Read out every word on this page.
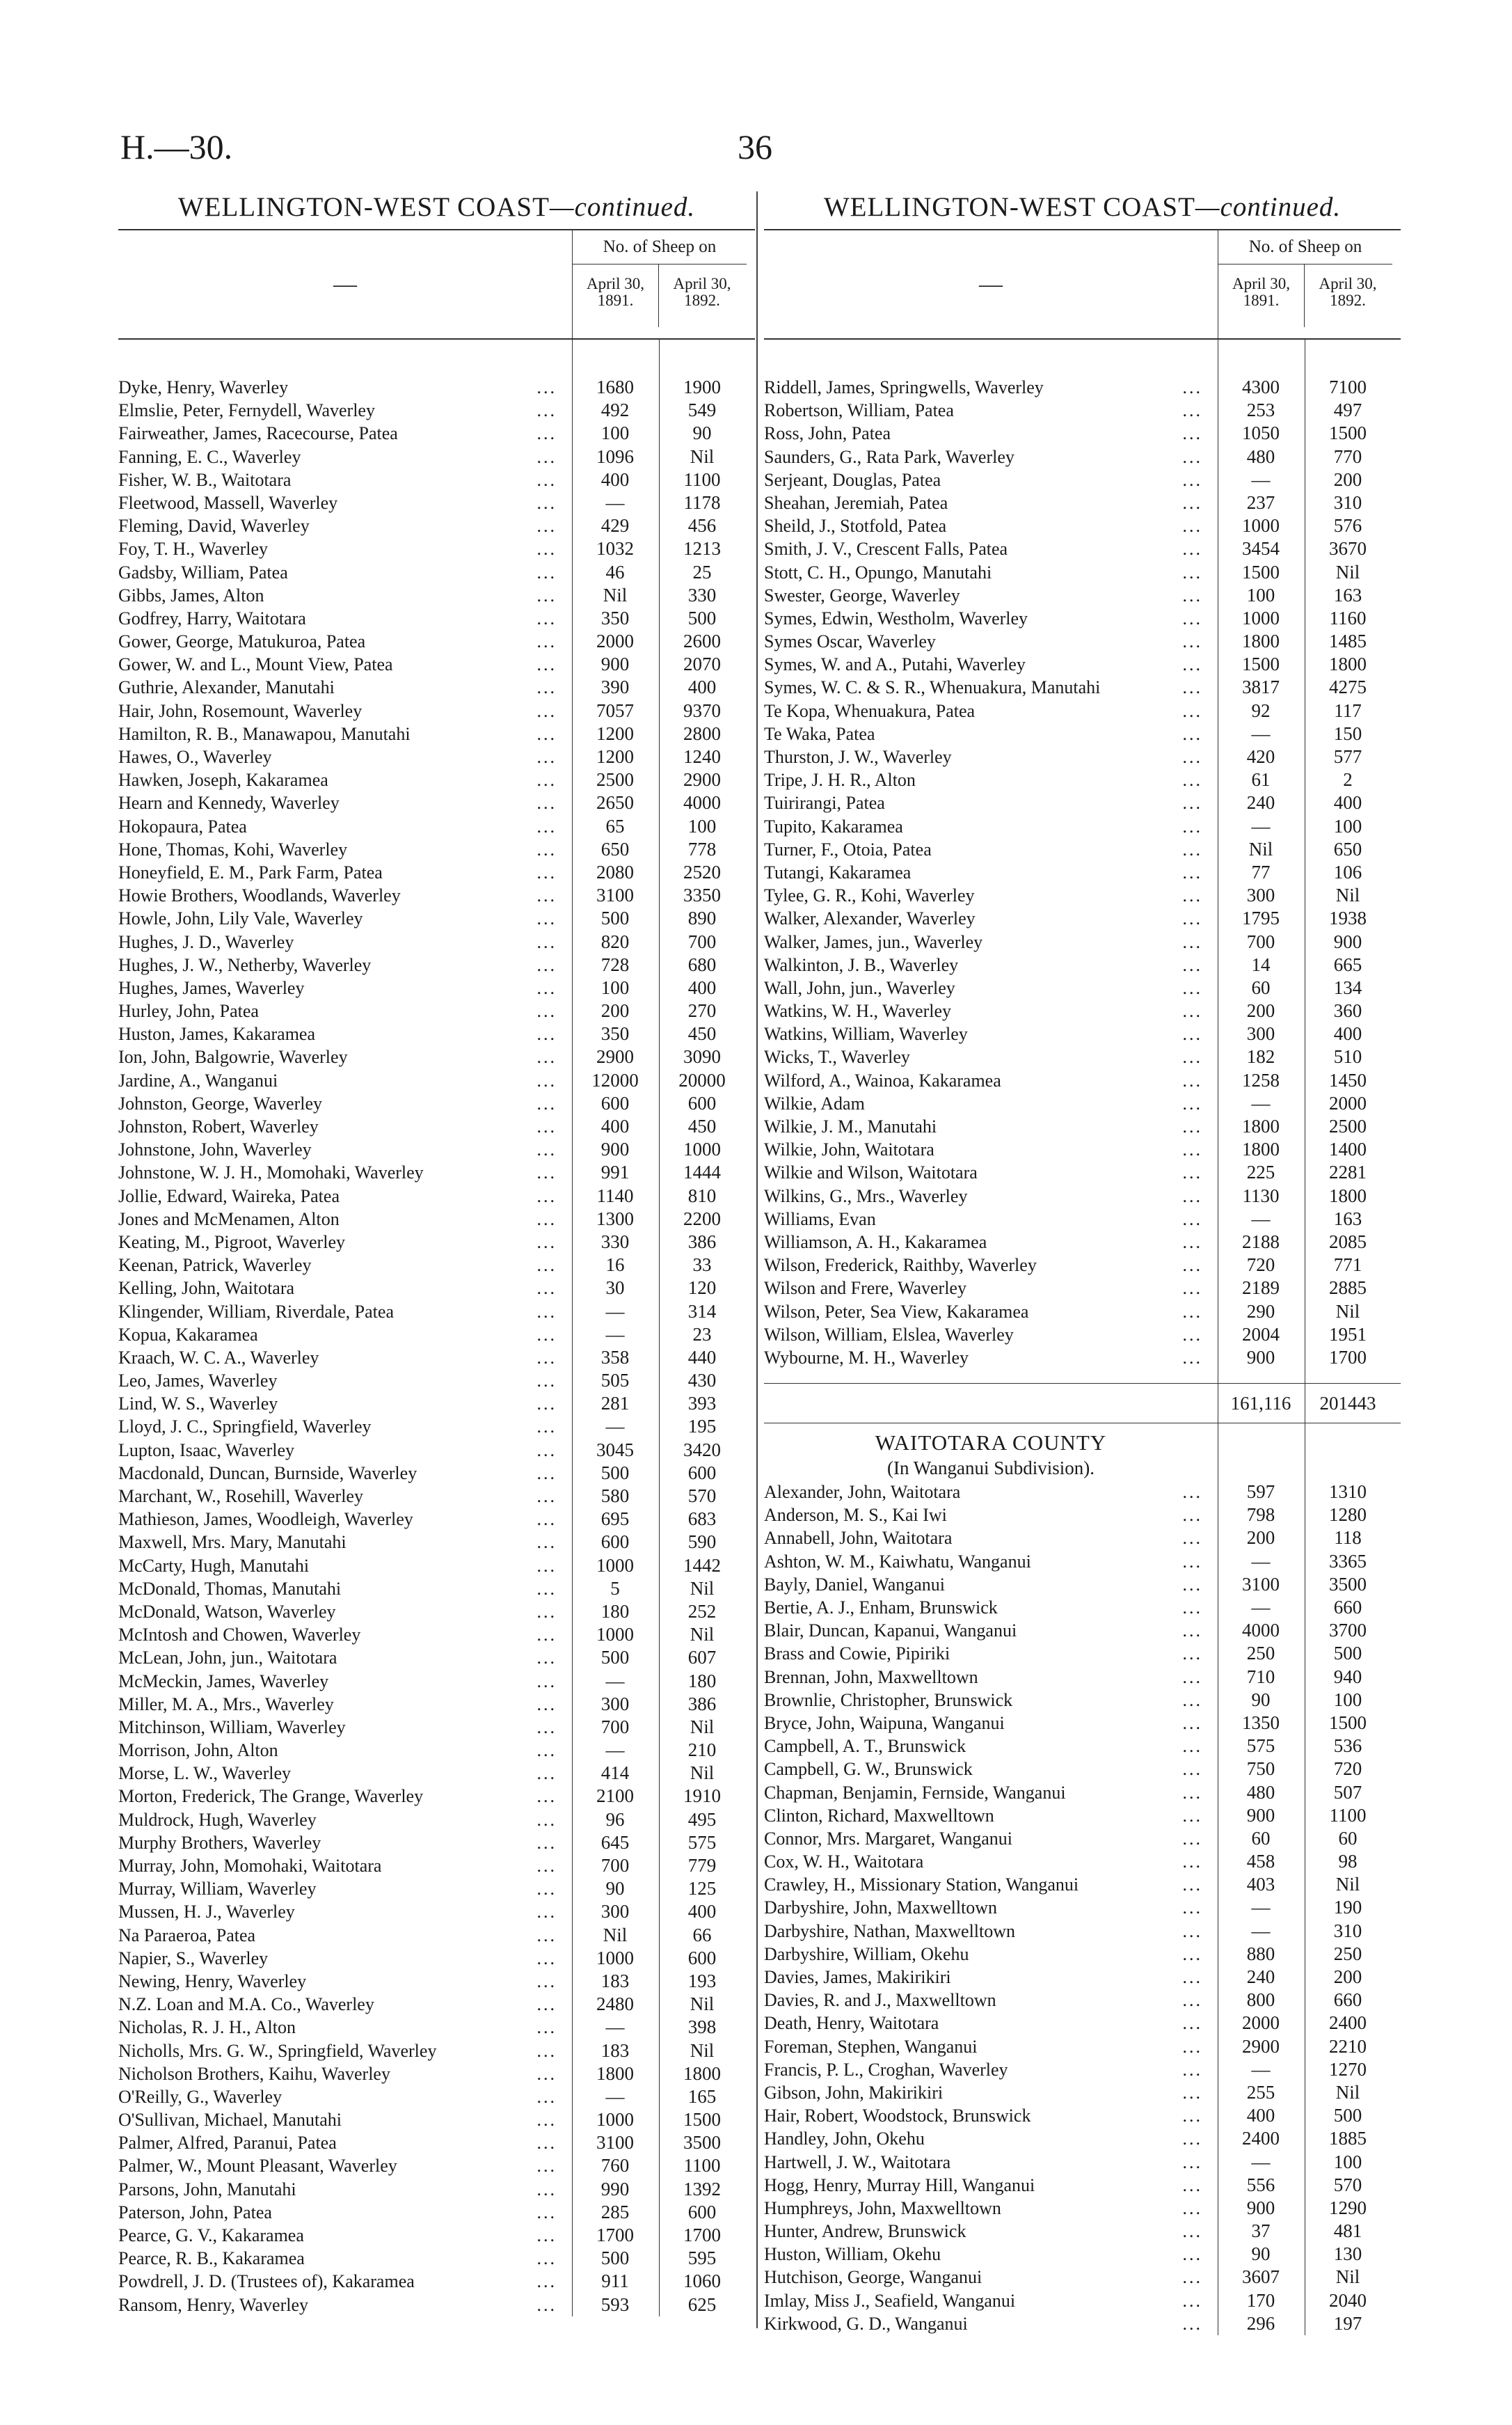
H.—30.	36
WELLINGTON-WEST COAST—continued.
—
No. of Sheep on
April 30,
1891.
April 30,
1892.
Dyke, Henry, Waverley	...	1680	1900
Elmslie, Peter, Fernydell, Waverley	...	492	549
Fairweather, James, Racecourse, Patea	...	100	90
Fanning, E. C., Waverley	...	1096	Nil
Fisher, W. B., Waitotara	...	400	1100
Fleetwood, Massell, Waverley	...	—	1178
Fleming, David, Waverley	...	429	456
Foy, T. H., Waverley	...	1032	1213
Gadsby, William, Patea	...	46	25
Gibbs, James, Alton	...	Nil	330
Godfrey, Harry, Waitotara	...	350	500
Gower, George, Matukuroa, Patea	...	2000	2600
Gower, W. and L., Mount View, Patea	...	900	2070
Guthrie, Alexander, Manutahi	...	390	400
Hair, John, Rosemount, Waverley	...	7057	9370
Hamilton, R. B., Manawapou, Manutahi	...	1200	2800
Hawes, O., Waverley	...	1200	1240
Hawken, Joseph, Kakaramea	...	2500	2900
Hearn and Kennedy, Waverley	...	2650	4000
Hokopaura, Patea	...	65	100
Hone, Thomas, Kohi, Waverley	...	650	778
Honeyfield, E. M., Park Farm, Patea	...	2080	2520
Howie Brothers, Woodlands, Waverley	...	3100	3350
Howle, John, Lily Vale, Waverley	...	500	890
Hughes, J. D., Waverley	...	820	700
Hughes, J. W., Netherby, Waverley	...	728	680
Hughes, James, Waverley	...	100	400
Hurley, John, Patea	...	200	270
Huston, James, Kakaramea	...	350	450
Ion, John, Balgowrie, Waverley	...	2900	3090
Jardine, A., Wanganui	...	12000	20000
Johnston, George, Waverley	...	600	600
Johnston, Robert, Waverley	...	400	450
Johnstone, John, Waverley	...	900	1000
Johnstone, W. J. H., Momohaki, Waverley	...	991	1444
Jollie, Edward, Waireka, Patea	...	1140	810
Jones and McMenamen, Alton	...	1300	2200
Keating, M., Pigroot, Waverley	...	330	386
Keenan, Patrick, Waverley	...	16	33
Kelling, John, Waitotara	...	30	120
Klingender, William, Riverdale, Patea	...	—	314
Kopua, Kakaramea	...	—	23
Kraach, W. C. A., Waverley	...	358	440
Leo, James, Waverley	...	505	430
Lind, W. S., Waverley	...	281	393
Lloyd, J. C., Springfield, Waverley	...	—	195
Lupton, Isaac, Waverley	...	3045	3420
Macdonald, Duncan, Burnside, Waverley	...	500	600
Marchant, W., Rosehill, Waverley	...	580	570
Mathieson, James, Woodleigh, Waverley	...	695	683
Maxwell, Mrs. Mary, Manutahi	...	600	590
McCarty, Hugh, Manutahi	...	1000	1442
McDonald, Thomas, Manutahi	...	5	Nil
McDonald, Watson, Waverley	...	180	252
McIntosh and Chowen, Waverley	...	1000	Nil
McLean, John, jun., Waitotara	...	500	607
McMeckin, James, Waverley	...	—	180
Miller, M. A., Mrs., Waverley	...	300	386
Mitchinson, William, Waverley	...	700	Nil
Morrison, John, Alton	...	—	210
Morse, L. W., Waverley	...	414	Nil
Morton, Frederick, The Grange, Waverley	...	2100	1910
Muldrock, Hugh, Waverley	...	96	495
Murphy Brothers, Waverley	...	645	575
Murray, John, Momohaki, Waitotara	...	700	779
Murray, William, Waverley	...	90	125
Mussen, H. J., Waverley	...	300	400
Na Paraeroa, Patea	...	Nil	66
Napier, S., Waverley	...	1000	600
Newing, Henry, Waverley	...	183	193
N.Z. Loan and M.A. Co., Waverley	...	2480	Nil
Nicholas, R. J. H., Alton	...	—	398
Nicholls, Mrs. G. W., Springfield, Waverley	...	183	Nil
Nicholson Brothers, Kaihu, Waverley	...	1800	1800
O'Reilly, G., Waverley	...	—	165
O'Sullivan, Michael, Manutahi	...	1000	1500
Palmer, Alfred, Paranui, Patea	...	3100	3500
Palmer, W., Mount Pleasant, Waverley	...	760	1100
Parsons, John, Manutahi	...	990	1392
Paterson, John, Patea	...	285	600
Pearce, G. V., Kakaramea	...	1700	1700
Pearce, R. B., Kakaramea	...	500	595
Powdrell, J. D. (Trustees of), Kakaramea	...	911	1060
Ransom, Henry, Waverley	...	593	625
WELLINGTON-WEST COAST—continued.
—
No. of Sheep on
April 30,
1891.
April 30,
1892.
Riddell, James, Springwells, Waverley	...	4300	7100
Robertson, William, Patea	...	253	497
Ross, John, Patea	...	1050	1500
Saunders, G., Rata Park, Waverley	...	480	770
Serjeant, Douglas, Patea	...	—	200
Sheahan, Jeremiah, Patea	...	237	310
Sheild, J., Stotfold, Patea	...	1000	576
Smith, J. V., Crescent Falls, Patea	...	3454	3670
Stott, C. H., Opungo, Manutahi	...	1500	Nil
Swester, George, Waverley	...	100	163
Symes, Edwin, Westholm, Waverley	...	1000	1160
Symes Oscar, Waverley	...	1800	1485
Symes, W. and A., Putahi, Waverley	...	1500	1800
Symes, W. C. & S. R., Whenuakura, Manutahi	...	3817	4275
Te Kopa, Whenuakura, Patea	...	92	117
Te Waka, Patea	...	—	150
Thurston, J. W., Waverley	...	420	577
Tripe, J. H. R., Alton	...	61	2
Tuirirangi, Patea	...	240	400
Tupito, Kakaramea	...	—	100
Turner, F., Otoia, Patea	...	Nil	650
Tutangi, Kakaramea	...	77	106
Tylee, G. R., Kohi, Waverley	...	300	Nil
Walker, Alexander, Waverley	...	1795	1938
Walker, James, jun., Waverley	...	700	900
Walkinton, J. B., Waverley	...	14	665
Wall, John, jun., Waverley	...	60	134
Watkins, W. H., Waverley	...	200	360
Watkins, William, Waverley	...	300	400
Wicks, T., Waverley	...	182	510
Wilford, A., Wainoa, Kakaramea	...	1258	1450
Wilkie, Adam	...	—	2000
Wilkie, J. M., Manutahi	...	1800	2500
Wilkie, John, Waitotara	...	1800	1400
Wilkie and Wilson, Waitotara	...	225	2281
Wilkins, G., Mrs., Waverley	...	1130	1800
Williams, Evan	...	—	163
Williamson, A. H., Kakaramea	...	2188	2085
Wilson, Frederick, Raithby, Waverley	...	720	771
Wilson and Frere, Waverley	...	2189	2885
Wilson, Peter, Sea View, Kakaramea	...	290	Nil
Wilson, William, Elslea, Waverley	...	2004	1951
Wybourne, M. H., Waverley	...	900	1700
161,116	201443
WAITOTARA COUNTY
(In Wanganui Subdivision).
Alexander, John, Waitotara	...	597	1310
Anderson, M. S., Kai Iwi	...	798	1280
Annabell, John, Waitotara	...	200	118
Ashton, W. M., Kaiwhatu, Wanganui	...	—	3365
Bayly, Daniel, Wanganui	...	3100	3500
Bertie, A. J., Enham, Brunswick	...	—	660
Blair, Duncan, Kapanui, Wanganui	...	4000	3700
Brass and Cowie, Pipiriki	...	250	500
Brennan, John, Maxwelltown	...	710	940
Brownlie, Christopher, Brunswick	...	90	100
Bryce, John, Waipuna, Wanganui	...	1350	1500
Campbell, A. T., Brunswick	...	575	536
Campbell, G. W., Brunswick	...	750	720
Chapman, Benjamin, Fernside, Wanganui	...	480	507
Clinton, Richard, Maxwelltown	...	900	1100
Connor, Mrs. Margaret, Wanganui	...	60	60
Cox, W. H., Waitotara	...	458	98
Crawley, H., Missionary Station, Wanganui	...	403	Nil
Darbyshire, John, Maxwelltown	...	—	190
Darbyshire, Nathan, Maxwelltown	...	—	310
Darbyshire, William, Okehu	...	880	250
Davies, James, Makirikiri	...	240	200
Davies, R. and J., Maxwelltown	...	800	660
Death, Henry, Waitotara	...	2000	2400
Foreman, Stephen, Wanganui	...	2900	2210
Francis, P. L., Croghan, Waverley	...	—	1270
Gibson, John, Makirikiri	...	255	Nil
Hair, Robert, Woodstock, Brunswick	...	400	500
Handley, John, Okehu	...	2400	1885
Hartwell, J. W., Waitotara	...	—	100
Hogg, Henry, Murray Hill, Wanganui	...	556	570
Humphreys, John, Maxwelltown	...	900	1290
Hunter, Andrew, Brunswick	...	37	481
Huston, William, Okehu	...	90	130
Hutchison, George, Wanganui	...	3607	Nil
Imlay, Miss J., Seafield, Wanganui	...	170	2040
Kirkwood, G. D., Wanganui	...	296	197
